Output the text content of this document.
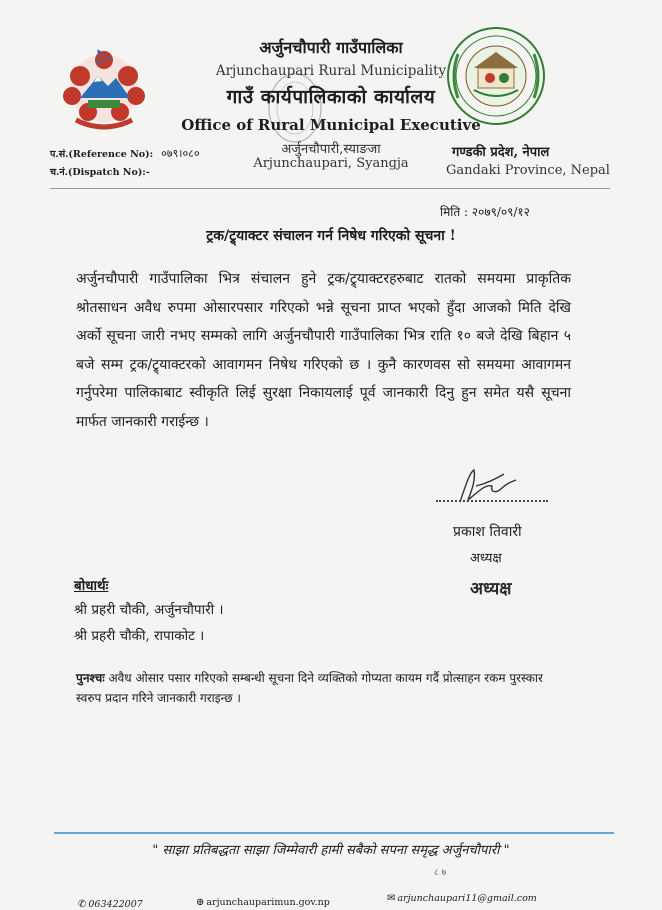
अर्जुनचौपारी गाउँपालिका
Arjunchaupari Rural Municipality
गाउँ कार्यपालिकाको कार्यालय
Office of Rural Municipal Executive
अर्जुनचौपारी,स्याङजा
Arjunchaupari, Syangja
गण्डकी प्रदेश, नेपाल
Gandaki Province, Nepal
प.सं.(Reference No): ०७९।०८०
च.नं.(Dispatch No):-
मिति : २०७९/०९/१२
ट्रक/ट्र्याक्टर संचालन गर्न निषेध गरिएको सूचना !
अर्जुनचौपारी गाउँपालिका भित्र संचालन हुने ट्रक/ट्र्याक्टरहरुबाट रातको समयमा प्राकृतिक श्रोतसाधन अवैध रुपमा ओसारपसार गरिएको भन्ने सूचना प्राप्त भएको हुँदा आजको मिति देखि अर्को सूचना जारी नभए सम्मको लागि अर्जुनचौपारी गाउँपालिका भित्र राति १० बजे देखि बिहान ५ बजे सम्म ट्रक/ट्र्याक्टरको आवागमन निषेध गरिएको छ । कुनै कारणवस सो समयमा आवागमन गर्नुपरेमा पालिकाबाट स्वीकृति लिई सुरक्षा निकायलाई पूर्व जानकारी दिनु हुन समेत यसै सूचना मार्फत जानकारी गराईन्छ ।
प्रकाश तिवारी
अध्यक्ष
अध्यक्ष
बोधार्थः
श्री प्रहरी चौकी, अर्जुनचौपारी ।
श्री प्रहरी चौकी, रापाकोट ।
पुनश्चः अवैध ओसार पसार गरिएको सम्बन्धी सूचना दिने व्यक्तिको गोप्यता कायम गर्दै प्रोत्साहन रकम पुरस्कार स्वरुप प्रदान गरिने जानकारी गराइन्छ ।
" साझा प्रतिबद्धता साझा जिम्मेवारी हामी सबैको सपना समृद्ध अर्जुनचौपारी "
८ ७
✆ 063422007	⊕ arjunchauparimun.gov.np	✉ arjunchaupari11@gmail.com
